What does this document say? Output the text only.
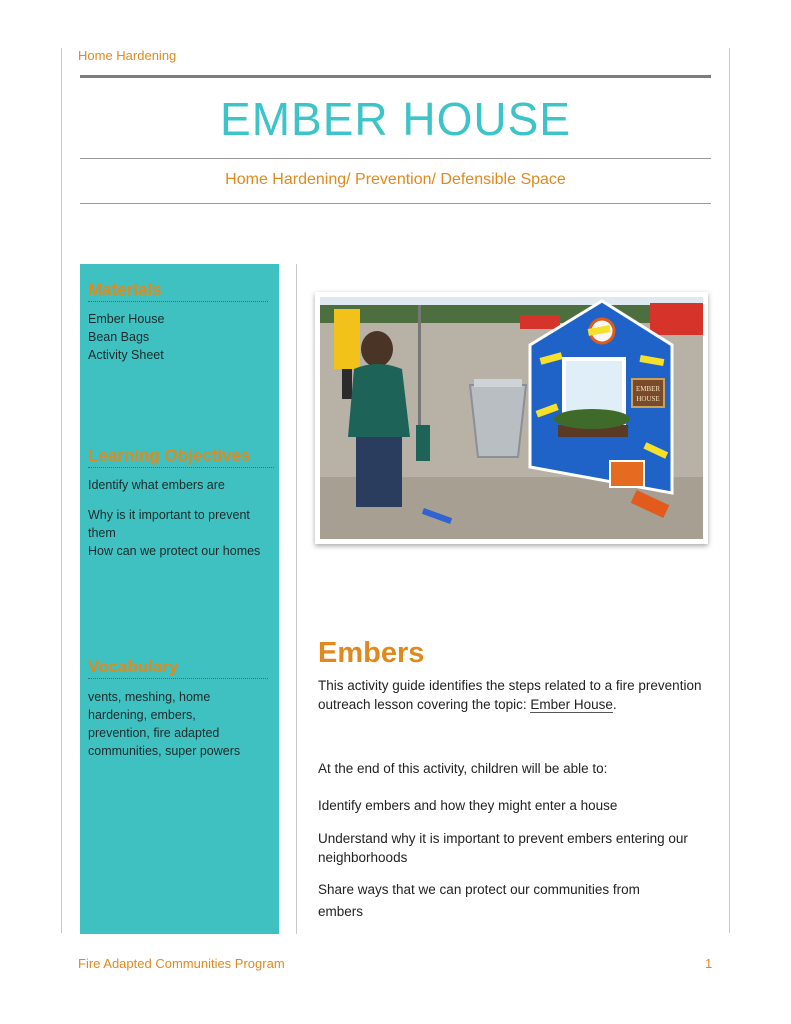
Home Hardening
EMBER HOUSE
Home Hardening/ Prevention/ Defensible Space
Materials

Ember House

Bean Bags

Activity Sheet

Learning Objectives

Identify what embers are

Why is it important to prevent them

How can we protect our homes

Vocabulary
vents, meshing, home hardening, embers, prevention, fire adapted communities, super powers
EMBER
HOUSE
Embers

This activity guide identifies the steps related to a fire prevention outreach lesson covering the topic: Ember House.

At the end of this activity, children will be able to:
Identify embers and how they might enter a house
Understand why it is important to prevent embers entering our neighborhoods
Share ways that we can protect our communities from embers
Fire Adapted Communities Program	1
